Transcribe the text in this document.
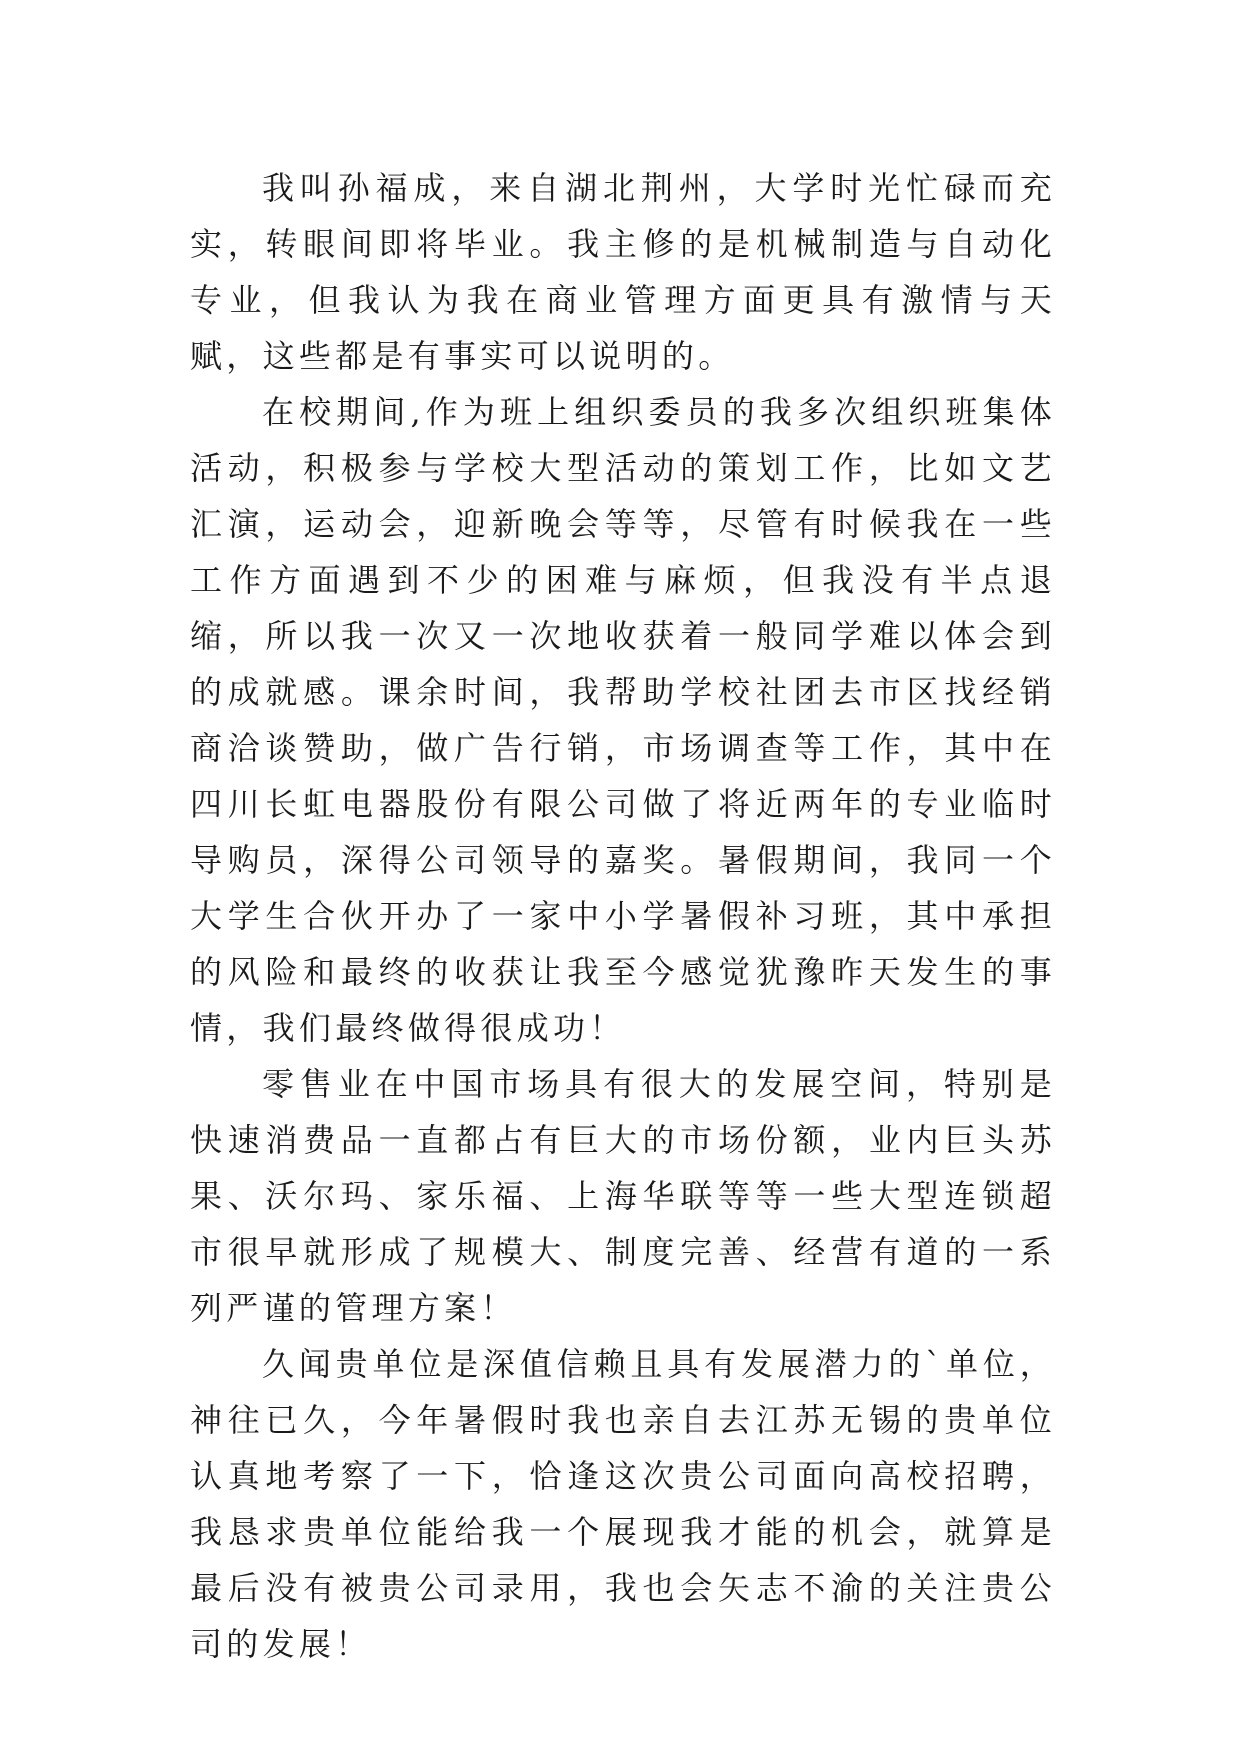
我叫孙福成，来自湖北荆州，大学时光忙碌而充实，转眼间即将毕业。我主修的是机械制造与自动化专业，但我认为我在商业管理方面更具有激情与天赋，这些都是有事实可以说明的。

在校期间,作为班上组织委员的我多次组织班集体活动，积极参与学校大型活动的策划工作，比如文艺汇演，运动会，迎新晚会等等，尽管有时候我在一些工作方面遇到不少的困难与麻烦，但我没有半点退缩，所以我一次又一次地收获着一般同学难以体会到的成就感。课余时间，我帮助学校社团去市区找经销商洽谈赞助，做广告行销，市场调查等工作，其中在四川长虹电器股份有限公司做了将近两年的专业临时导购员，深得公司领导的嘉奖。暑假期间，我同一个大学生合伙开办了一家中小学暑假补习班，其中承担的风险和最终的收获让我至今感觉犹豫昨天发生的事情，我们最终做得很成功！

零售业在中国市场具有很大的发展空间，特别是快速消费品一直都占有巨大的市场份额，业内巨头苏果、沃尔玛、家乐福、上海华联等等一些大型连锁超市很早就形成了规模大、制度完善、经营有道的一系列严谨的管理方案！

久闻贵单位是深值信赖且具有发展潜力的`单位，神往已久，今年暑假时我也亲自去江苏无锡的贵单位认真地考察了一下，恰逢这次贵公司面向高校招聘，我恳求贵单位能给我一个展现我才能的机会，就算是最后没有被贵公司录用，我也会矢志不渝的关注贵公司的发展！
